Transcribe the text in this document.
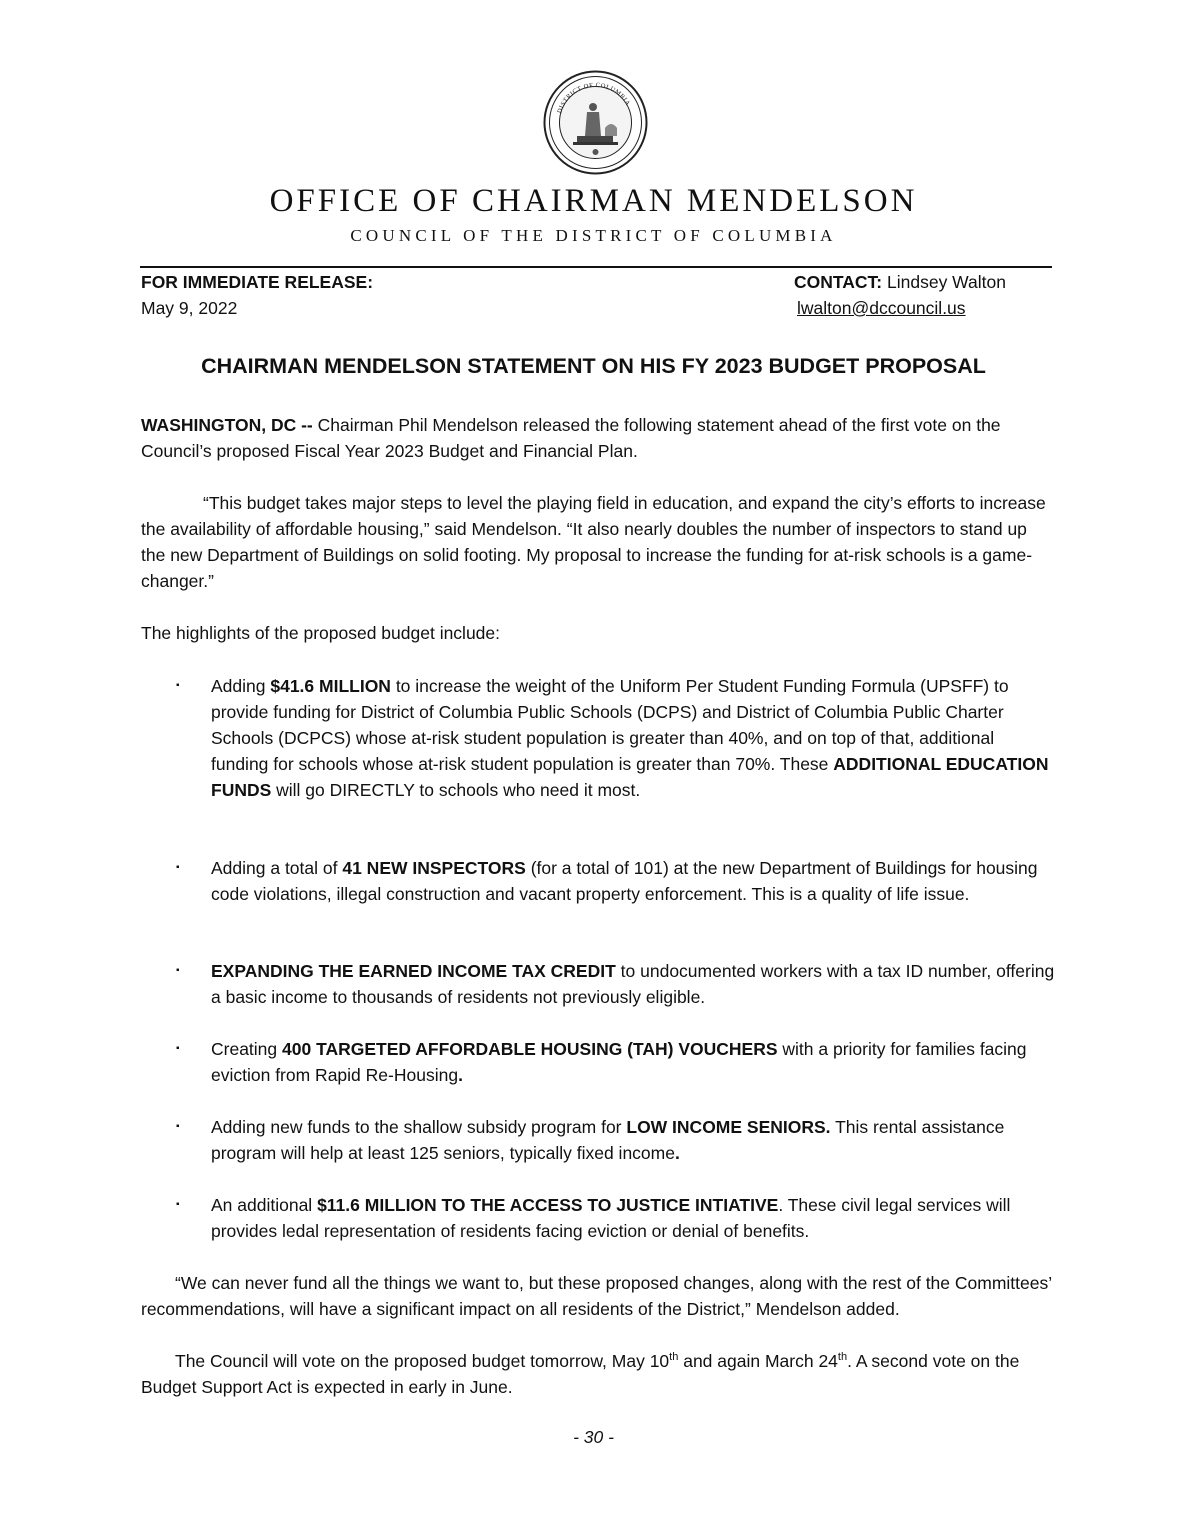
DISTRICT OF COLUMBIA
OFFICE OF CHAIRMAN MENDELSON
COUNCIL OF THE DISTRICT OF COLUMBIA
FOR IMMEDIATE RELEASE:
May 9, 2022
CONTACT: Lindsey Walton
lwalton@dccouncil.us
CHAIRMAN MENDELSON STATEMENT ON HIS FY 2023 BUDGET PROPOSAL

WASHINGTON, DC -- Chairman Phil Mendelson released the following statement ahead of the first vote on the Council’s proposed Fiscal Year 2023 Budget and Financial Plan.

“This budget takes major steps to level the playing field in education, and expand the city’s efforts to increase the availability of affordable housing,” said Mendelson. “It also nearly doubles the number of inspectors to stand up the new Department of Buildings on solid footing. My proposal to increase the funding for at-risk schools is a game-changer.”

The highlights of the proposed budget include:

▪ Adding $41.6 MILLION to increase the weight of the Uniform Per Student Funding Formula (UPSFF) to provide funding for District of Columbia Public Schools (DCPS) and District of Columbia Public Charter Schools (DCPCS) whose at-risk student population is greater than 40%, and on top of that, additional funding for schools whose at-risk student population is greater than 70%. These ADDITIONAL EDUCATION FUNDS will go DIRECTLY to schools who need it most.
▪ Adding a total of 41 NEW INSPECTORS (for a total of 101) at the new Department of Buildings for housing code violations, illegal construction and vacant property enforcement. This is a quality of life issue.
▪ EXPANDING THE EARNED INCOME TAX CREDIT to undocumented workers with a tax ID number, offering a basic income to thousands of residents not previously eligible.
▪ Creating 400 TARGETED AFFORDABLE HOUSING (TAH) VOUCHERS with a priority for families facing eviction from Rapid Re-Housing.
▪ Adding new funds to the shallow subsidy program for LOW INCOME SENIORS. This rental assistance program will help at least 125 seniors, typically fixed income.
▪ An additional $11.6 MILLION TO THE ACCESS TO JUSTICE INTIATIVE. These civil legal services will provides ledal representation of residents facing eviction or denial of benefits.

“We can never fund all the things we want to, but these proposed changes, along with the rest of the Committees’ recommendations, will have a significant impact on all residents of the District,” Mendelson added.

The Council will vote on the proposed budget tomorrow, May 10th and again March 24th. A second vote on the Budget Support Act is expected in early in June.

- 30 -
